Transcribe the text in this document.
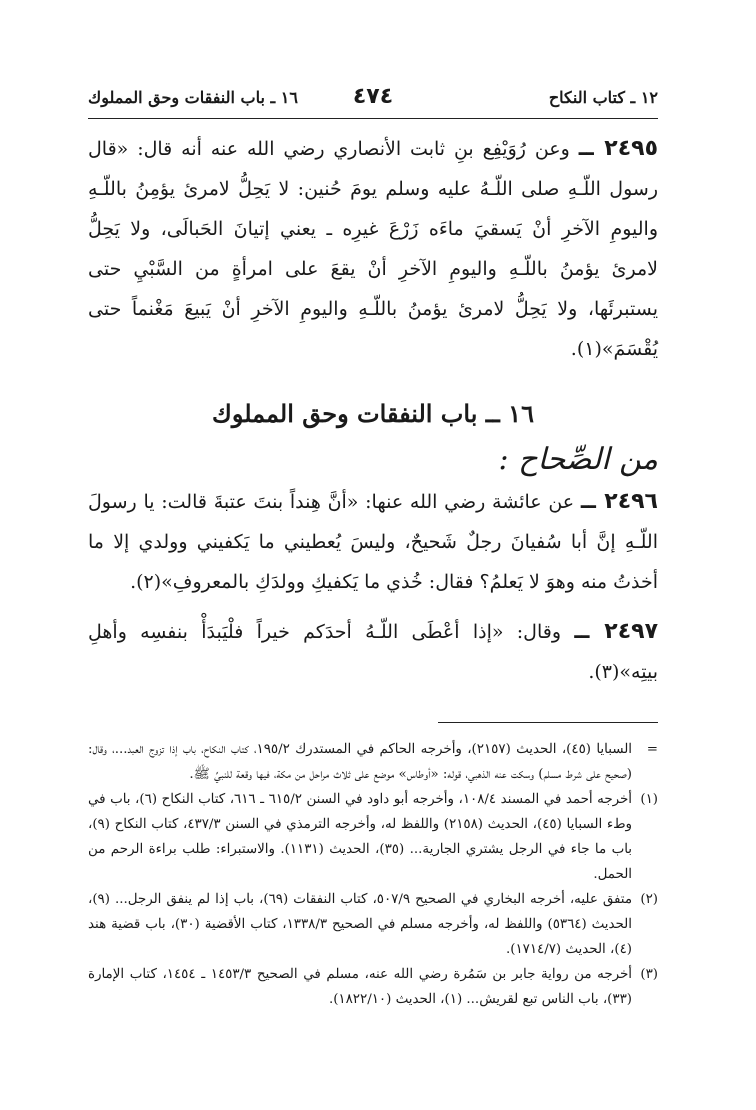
١٢ ـ كتاب النكاح
٤٧٤
١٦ ـ باب النفقات وحق المملوك

٢٤٩٥ ــ وعن رُوَيْفِع بنِ ثابت الأنصاري رضي الله عنه أنه قال: «قال رسول اللّـهِ صلى اللّـهُ عليه وسلم يومَ حُنين: لا يَحِلُّ لامرئ يؤمِنُ باللّـهِ واليومِ الآخرِ أنْ يَسقيَ ماءَه زَرْعَ غيرِه ـ يعني إتيانَ الحَبالَى، ولا يَحِلُّ لامرئ يؤمنُ باللّـهِ واليومِ الآخرِ أنْ يقعَ على امرأةٍ من السَّبْيِ حتى يستبرئَها، ولا يَحِلُّ لامرئ يؤمنُ باللّـهِ واليومِ الآخرِ أنْ يَبيعَ مَغْنماً حتى يُقْسَمَ»(١).

١٦ ــ باب النفقات وحق المملوك

من الصِّحاح :

٢٤٩٦ ــ عن عائشة رضي الله عنها: «أنَّ هِنداً بنتَ عتبةَ قالت: يا رسولَ اللّـهِ إنَّ أبا سُفيانَ رجلٌ شَحيحٌ، وليسَ يُعطيني ما يَكفيني وولدي إلا ما أخذتُ منه وهوَ لا يَعلمُ؟ فقال: خُذي ما يَكفيكِ وولدَكِ بالمعروفِ»(٢).

٢٤٩٧ ــ وقال: «إذا أعْطَى اللّـهُ أحدَكم خيراً فلْيَبدَأْ بنفسِه وأهلِ بيتِه»(٣).

=
السبايا (٤٥)، الحديث (٢١٥٧)، وأخرجه الحاكم في المستدرك ١٩٥/٢، كتاب النكاح، باب إذا تزوج العبد...، وقال: (صحيح على شرط مسلم) وسكت عنه الذهبي، قوله: «أوطاس» موضع على ثلاث مراحل من مكة، فيها وقعة للنبيِّ ﷺ.
(١)
أخرجه أحمد في المسند ١٠٨/٤، وأخرجه أبو داود في السنن ٦١٥/٢ ـ ٦١٦، كتاب النكاح (٦)، باب في وطء السبايا (٤٥)، الحديث (٢١٥٨) واللفظ له، وأخرجه الترمذي في السنن ٤٣٧/٣، كتاب النكاح (٩)، باب ما جاء في الرجل يشتري الجارية... (٣٥)، الحديث (١١٣١). والاستبراء: طلب براءة الرحم من الحمل.
(٢)
متفق عليه، أخرجه البخاري في الصحيح ٥٠٧/٩، كتاب النفقات (٦٩)، باب إذا لم ينفق الرجل... (٩)، الحديث (٥٣٦٤) واللفظ له، وأخرجه مسلم في الصحيح ١٣٣٨/٣، كتاب الأقضية (٣٠)، باب قضية هند (٤)، الحديث (١٧١٤/٧).
(٣)
أخرجه من رواية جابر بن سَمُرة رضي الله عنه، مسلم في الصحيح ١٤٥٣/٣ ـ ١٤٥٤، كتاب الإمارة (٣٣)، باب الناس تبع لقريش... (١)، الحديث (١٨٢٢/١٠).
